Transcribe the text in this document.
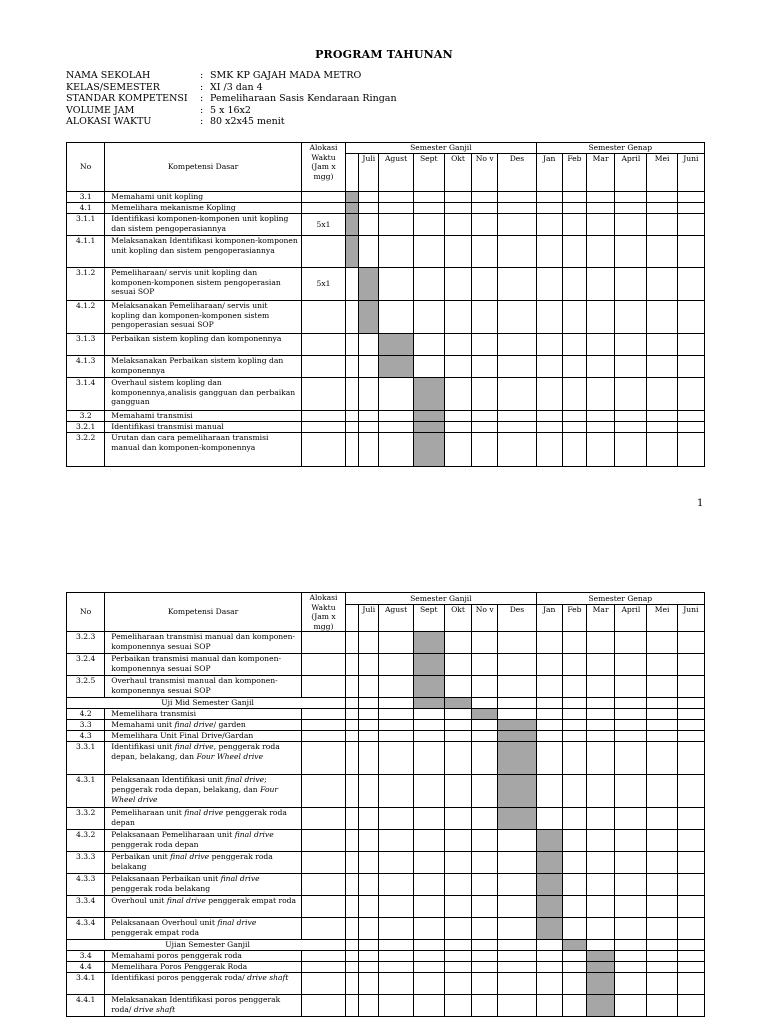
PROGRAM TAHUNAN
NAMA SEKOLAH	: SMK KP GAJAH MADA METRO
KELAS/SEMESTER	: XI /3 dan 4
STANDAR KOMPETENSI	: Pemeliharaan Sasis Kendaraan Ringan
VOLUME JAM	: 5 x 16x2
ALOKASI WAKTU	: 80 x2x45 menit
No	Kompetensi Dasar	Alokasi
Waktu
(Jam x
mgg)	Semester Ganjil							Semester Genap					
				Juli	Agust	Sept	Okt	No v	Des	Jan	Feb	Mar	April	Mei	Juni
3.1	Memahami unit kopling														
4.1	Memelihara mekanisme Kopling														
3.1.1	Identifikasi komponen-komponen unit kopling dan sistem pengoperasiannya	5x1													
4.1.1	Melaksanakan Identifikasi komponen-komponen unit kopling dan sistem pengoperasiannya														
3.1.2	Pemeliharaan/ servis unit kopling dan komponen-komponen sistem pengoperasian sesuai SOP	5x1													
4.1.2	Melaksanakan Pemeliharaan/ servis unit kopling dan komponen-komponen sistem pengoperasian sesuai SOP														
3.1.3	Perbaikan sistem kopling dan komponennya														
4.1.3	Melaksanakan Perbaikan sistem kopling dan komponennya														
3.1.4	Overhaul sistem kopling dan komponennya,analisis gangguan dan perbaikan gangguan														
3.2	Memahami transmisi														
3.2.1	Identifikasi transmisi manual														
3.2.2	Urutan dan cara pemeliharaan transmisi manual dan komponen-komponennya														
1
No	Kompetensi Dasar	Alokasi
Waktu
(Jam x
mgg)	Semester Ganjil							Semester Genap					
				Juli	Agust	Sept	Okt	No v	Des	Jan	Feb	Mar	April	Mei	Juni
3.2.3	Pemeliharaan transmisi manual dan komponen-komponennya sesuai SOP														
3.2.4	Perbaikan transmisi manual dan komponen-komponennya sesuai SOP														
3.2.5	Overhaul transmisi manual dan komponen-komponennya sesuai SOP														
Uji Mid Semester Ganjil															
4.2	Memelihara transmisi														
3.3	Memahami unit final drive/ garden														
4.3	Memelihara Unit Final Drive/Gardan														
3.3.1	Identifikasi unit final drive, penggerak roda depan, belakang, dan Four Wheel drive														
4.3.1	Pelaksanaan Identifikasi unit final drive; penggerak roda depan, belakang, dan Four Wheel drive														
3.3.2	Pemeliharaan unit final drive penggerak roda depan														
4.3.2	Pelaksanaan Pemeliharaan unit final drive penggerak roda depan														
3.3.3	Perbaikan unit final drive penggerak roda belakang														
4.3.3	Pelaksanaan Perbaikan unit final drive penggerak roda belakang														
3.3.4	Overhoul unit final drive penggerak empat roda														
4.3.4	Pelaksanaan Overhoul unit final drive penggerak empat roda														
Ujian Semester Ganjil															
3.4	Memahami poros penggerak roda														
4.4	Memelihara Poros Penggerak Roda														
3.4.1	Identifikasi poros penggerak roda/ drive shaft														
4.4.1	Melaksanakan Identifikasi poros penggerak roda/ drive shaft														
